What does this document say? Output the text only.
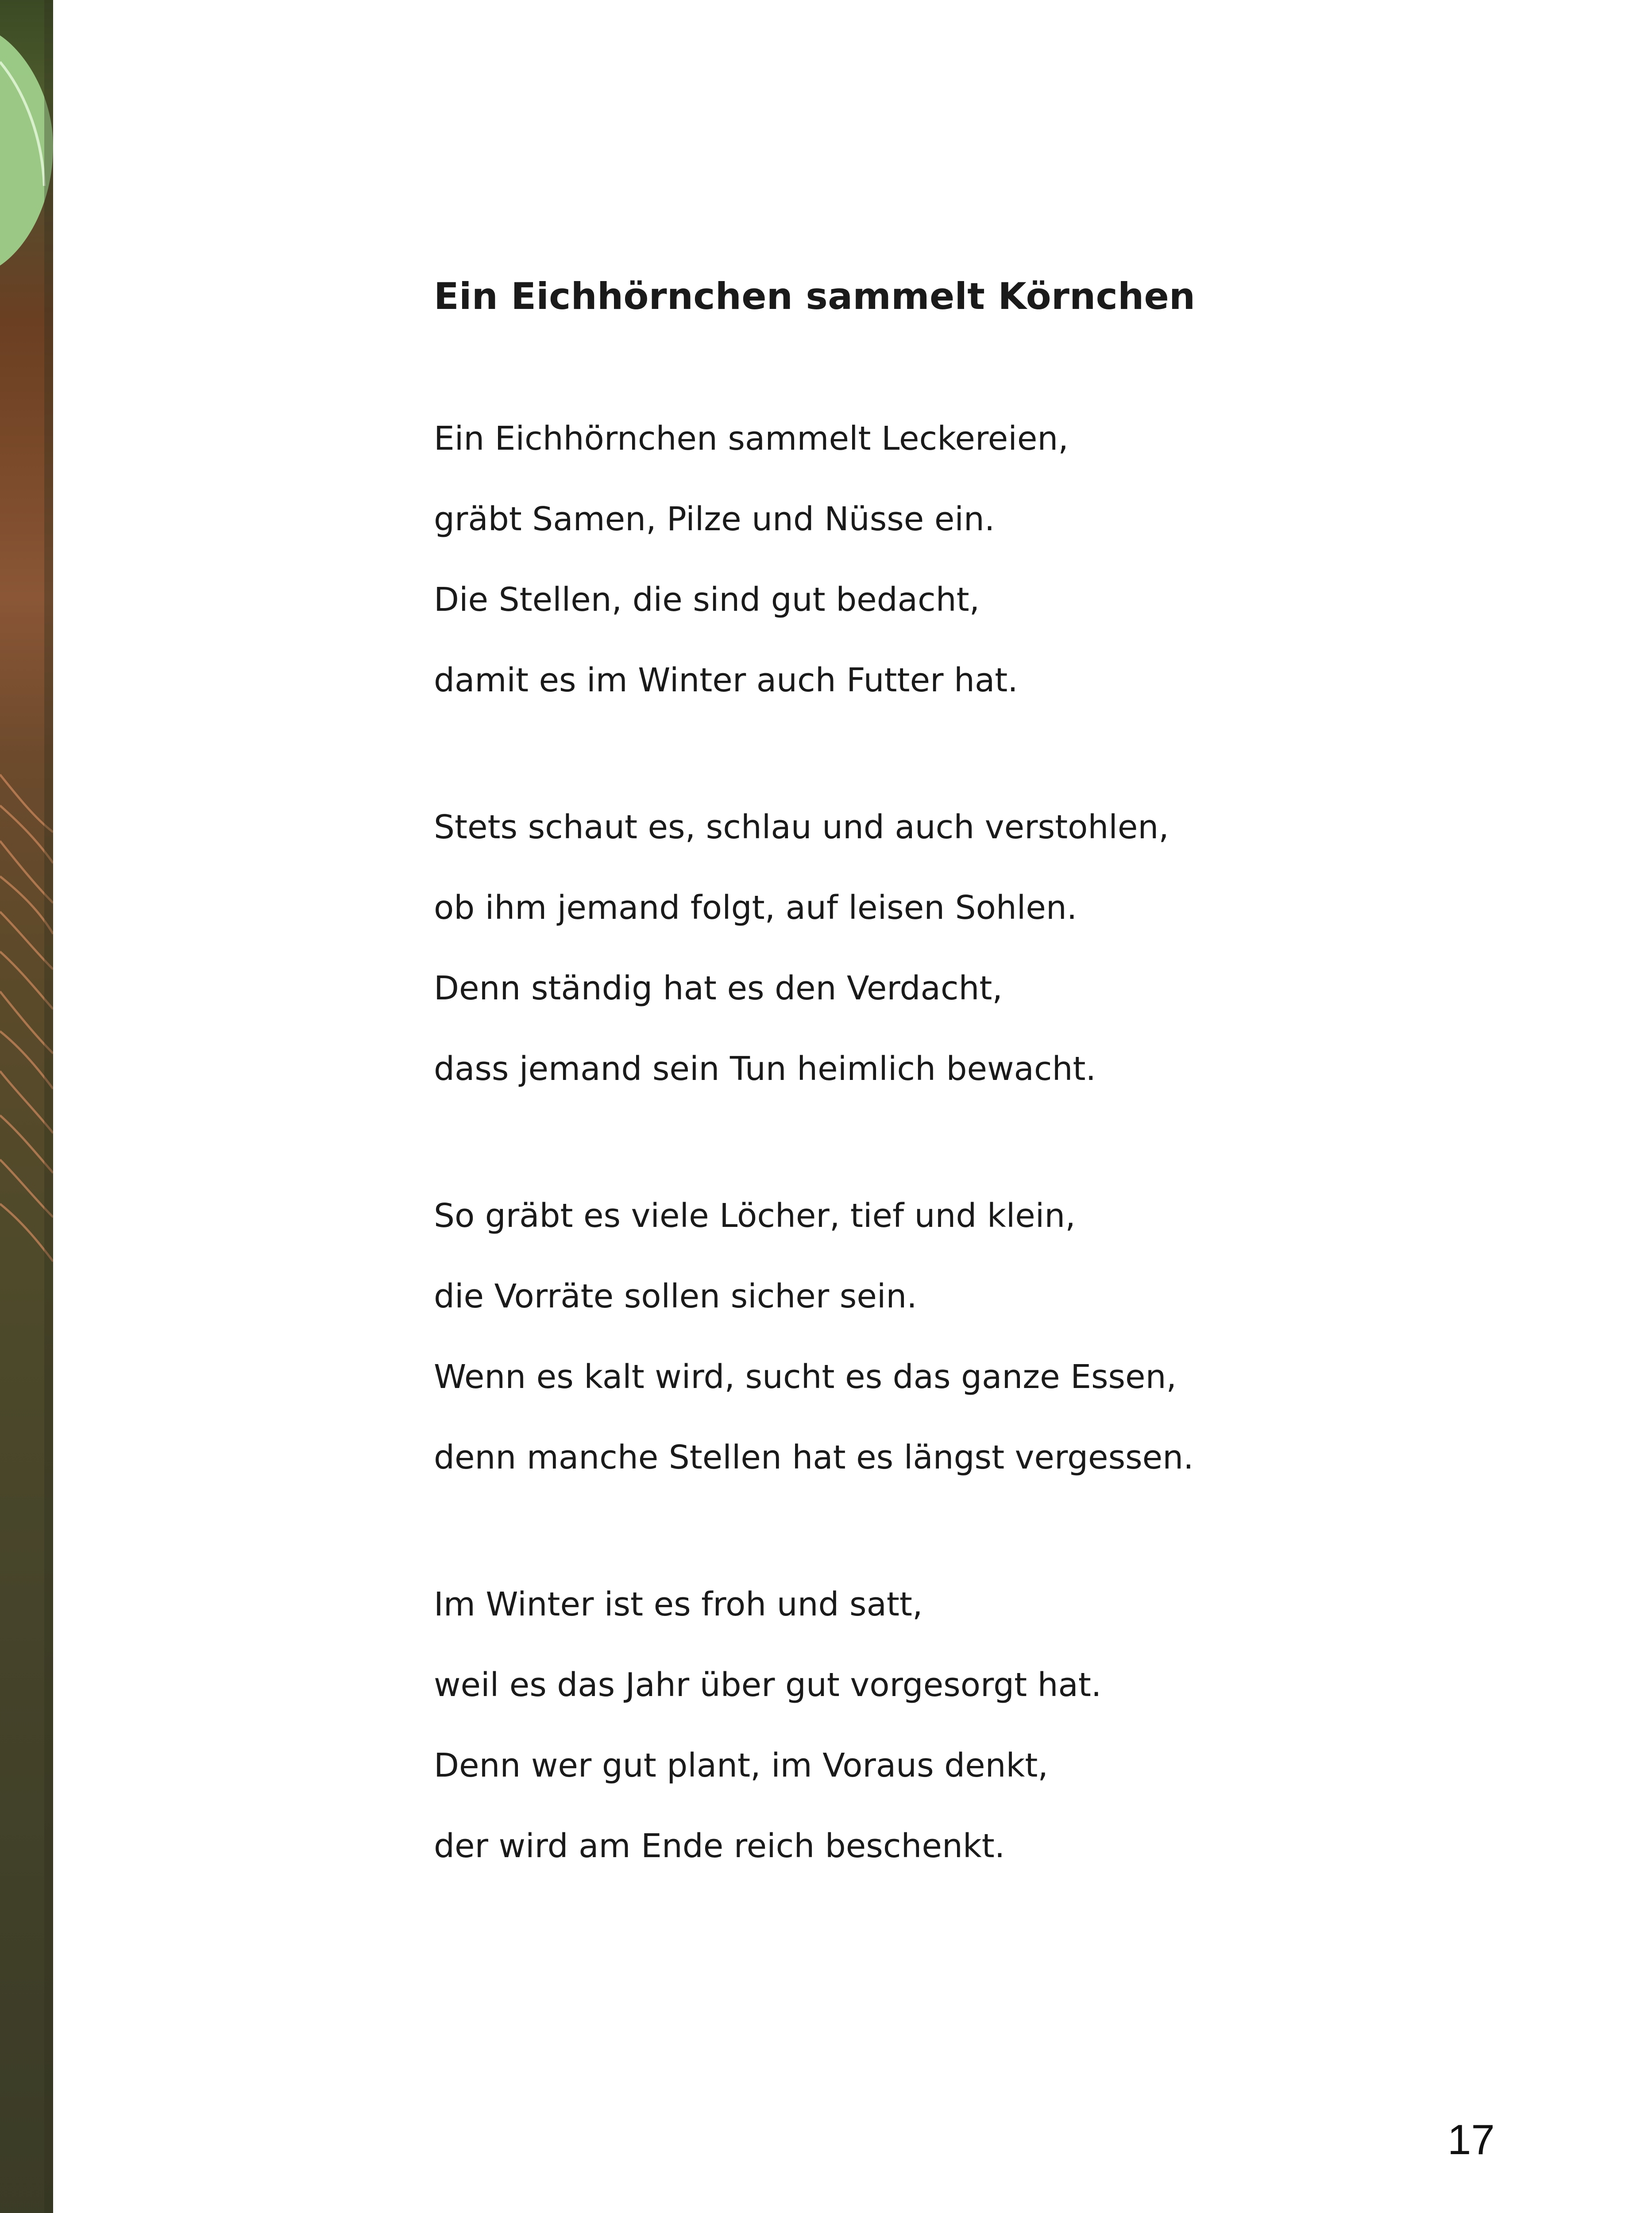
Ein Eichhörnchen sammelt Körnchen
Ein Eichhörnchen sammelt Leckereien,
gräbt Samen, Pilze und Nüsse ein.
Die Stellen, die sind gut bedacht,
damit es im Winter auch Futter hat.
Stets schaut es, schlau und auch verstohlen,
ob ihm jemand folgt, auf leisen Sohlen.
Denn ständig hat es den Verdacht,
dass jemand sein Tun heimlich bewacht.
So gräbt es viele Löcher, tief und klein,
die Vorräte sollen sicher sein.
Wenn es kalt wird, sucht es das ganze Essen,
denn manche Stellen hat es längst vergessen.
Im Winter ist es froh und satt,
weil es das Jahr über gut vorgesorgt hat.
Denn wer gut plant, im Voraus denkt,
der wird am Ende reich beschenkt.
17
